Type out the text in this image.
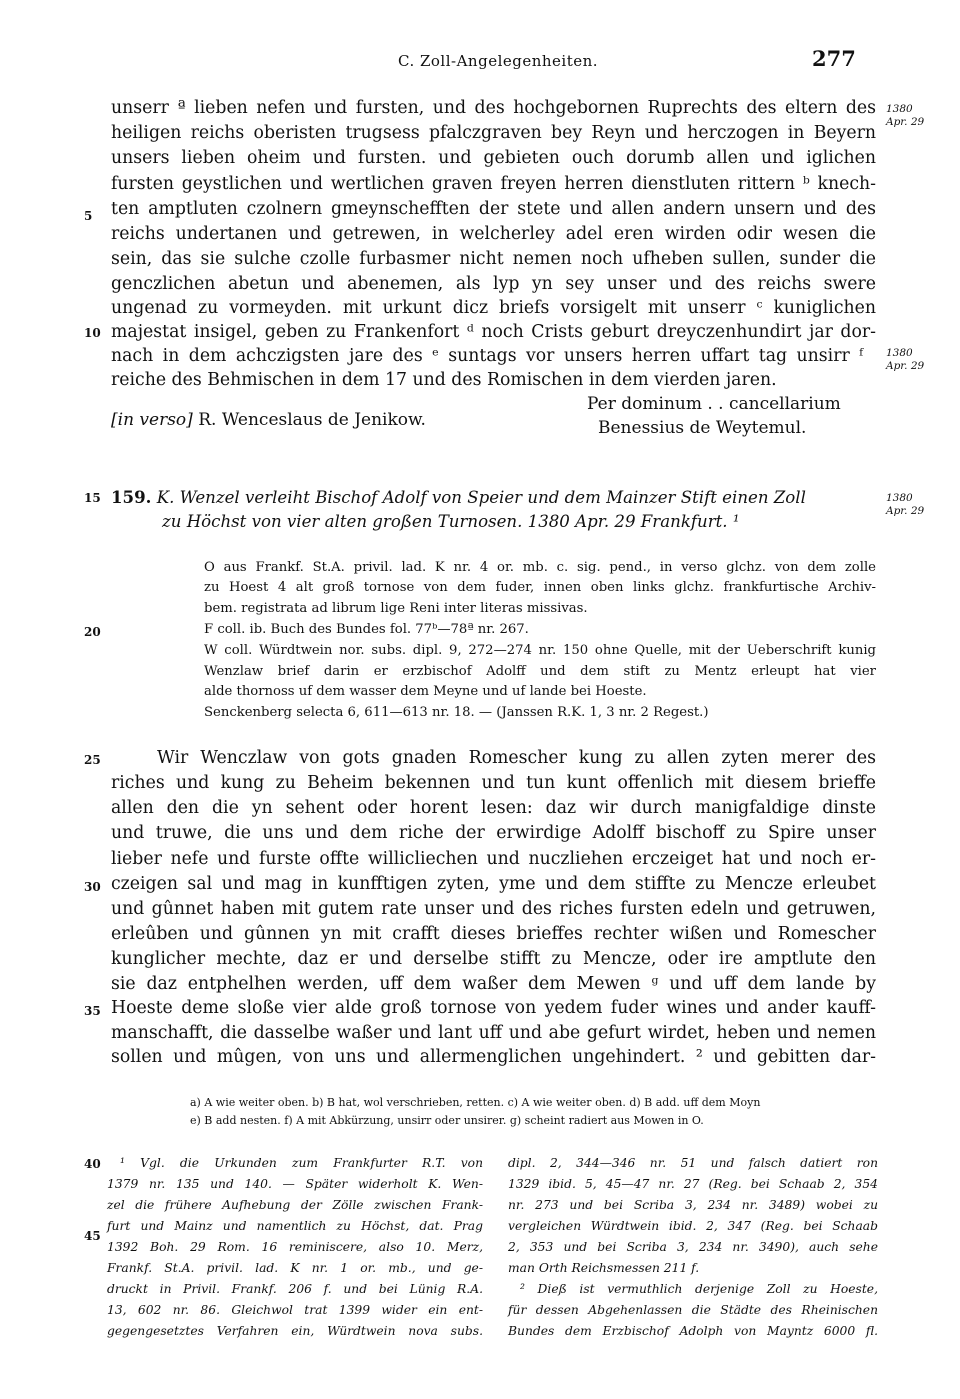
C. Zoll-Angelegenheiten.	277
5
10
15
20
25
30
35
40
45
1380
Apr. 29
1380
Apr. 29
1380
Apr. 29
unserr ª lieben nefen und fursten, und des hochgebornen Ruprechts des eltern des
heiligen reichs oberisten trugsess pfalczgraven bey Reyn und herczogen in Beyern
unsers lieben oheim und fursten. und gebieten ouch dorumb allen und iglichen
fursten geystlichen und wertlichen graven freyen herren dienstluten rittern ᵇ knech-
ten amptluten czolnern gmeynschefften der stete und allen andern unsern und des
reichs undertanen und getrewen, in welcherley adel eren wirden odir wesen die
sein, das sie sulche czolle furbasmer nicht nemen noch ufheben sullen, sunder die
genczlichen abetun und abenemen, als lyp yn sey unser und des reichs swere
ungenad zu vormeyden. mit urkunt dicz briefs vorsigelt mit unserr ᶜ kuniglichen
majestat insigel, geben zu Frankenfort ᵈ noch Crists geburt dreyczenhundirt jar dor-
nach in dem achczigsten jare des ᵉ suntags vor unsers herren uffart tag unsirr ᶠ
reiche des Behmischen in dem 17 und des Romischen in dem vierden jaren.
Per dominum . . cancellarium
Benessius de Weytemul.
[in verso] R. Wenceslaus de Jenikow.
159. K. Wenzel verleiht Bischof Adolf von Speier und dem Mainzer Stift einen Zoll
zu Höchst von vier alten großen Turnosen. 1380 Apr. 29 Frankfurt. ¹
O aus Frankf. St.A. privil. lad. K nr. 4 or. mb. c. sig. pend., in verso glchz. von dem zolle
zu Hoest 4 alt groß tornose von dem fuder, innen oben links glchz. frankfurtische Archiv-
bem. registrata ad librum lige Reni inter literas missivas.
F coll. ib. Buch des Bundes fol. 77ᵇ—78ª nr. 267.
W coll. Würdtwein nor. subs. dipl. 9, 272—274 nr. 150 ohne Quelle, mit der Ueberschrift kunig
Wenzlaw brief darin er erzbischof Adolff und dem stift zu Mentz erleupt hat vier
alde thornoss uf dem wasser dem Meyne und uf lande bei Hoeste.
Senckenberg selecta 6, 611—613 nr. 18. — (Janssen R.K. 1, 3 nr. 2 Regest.)
Wir Wenczlaw von gots gnaden Romescher kung zu allen zyten merer des
riches und kung zu Beheim bekennen und tun kunt offenlich mit diesem brieffe
allen den die yn sehent oder horent lesen: daz wir durch manigfaldige dinste
und truwe, die uns und dem riche der erwirdige Adolff bischoff zu Spire unser
lieber nefe und furste offte willicliechen und nuczliehen erczeiget hat und noch er-
czeigen sal und mag in kunfftigen zyten, yme und dem stiffte zu Mencze erleubet
und gûnnet haben mit gutem rate unser und des riches fursten edeln und getruwen,
erleûben und gûnnen yn mit crafft dieses brieffes rechter wißen und Romescher
kunglicher mechte, daz er und derselbe stifft zu Mencze, oder ire amptlute den
sie daz entphelhen werden, uff dem waßer dem Mewen ᵍ und uff dem lande by
Hoeste deme sloße vier alde groß tornose von yedem fuder wines und ander kauff-
manschafft, die dasselbe waßer und lant uff und abe gefurt wirdet, heben und nemen
sollen und mûgen, von uns und allermenglichen ungehindert. ² und gebitten dar-
a) A wie weiter oben. b) B hat, wol verschrieben, retten. c) A wie weiter oben. d) B add. uff dem Moyn
e) B add nesten. f) A mit Abkürzung, unsirr oder unsirer. g) scheint radiert aus Mowen in O.
¹ Vgl. die Urkunden zum Frankfurter R.T. von
1379 nr. 135 und 140. — Später widerholt K. Wen-
zel die frühere Aufhebung der Zölle zwischen Frank-
furt und Mainz und namentlich zu Höchst, dat. Prag
1392 Boh. 29 Rom. 16 reminiscere, also 10. Merz,
Frankf. St.A. privil. lad. K nr. 1 or. mb., und ge-
druckt in Privil. Frankf. 206 f. und bei Lünig R.A.
13, 602 nr. 86. Gleichwol trat 1399 wider ein ent-
gegengesetztes Verfahren ein, Würdtwein nova subs.
dipl. 2, 344—346 nr. 51 und falsch datiert ron
1329 ibid. 5, 45—47 nr. 27 (Reg. bei Schaab 2, 354
nr. 273 und bei Scriba 3, 234 nr. 3489) wobei zu
vergleichen Würdtwein ibid. 2, 347 (Reg. bei Schaab
2, 353 und bei Scriba 3, 234 nr. 3490), auch sehe
man Orth Reichsmessen 211 f.
² Dieß ist vermuthlich derjenige Zoll zu Hoeste,
für dessen Abgehenlassen die Städte des Rheinischen
Bundes dem Erzbischof Adolph von Mayntz 6000 fl.
